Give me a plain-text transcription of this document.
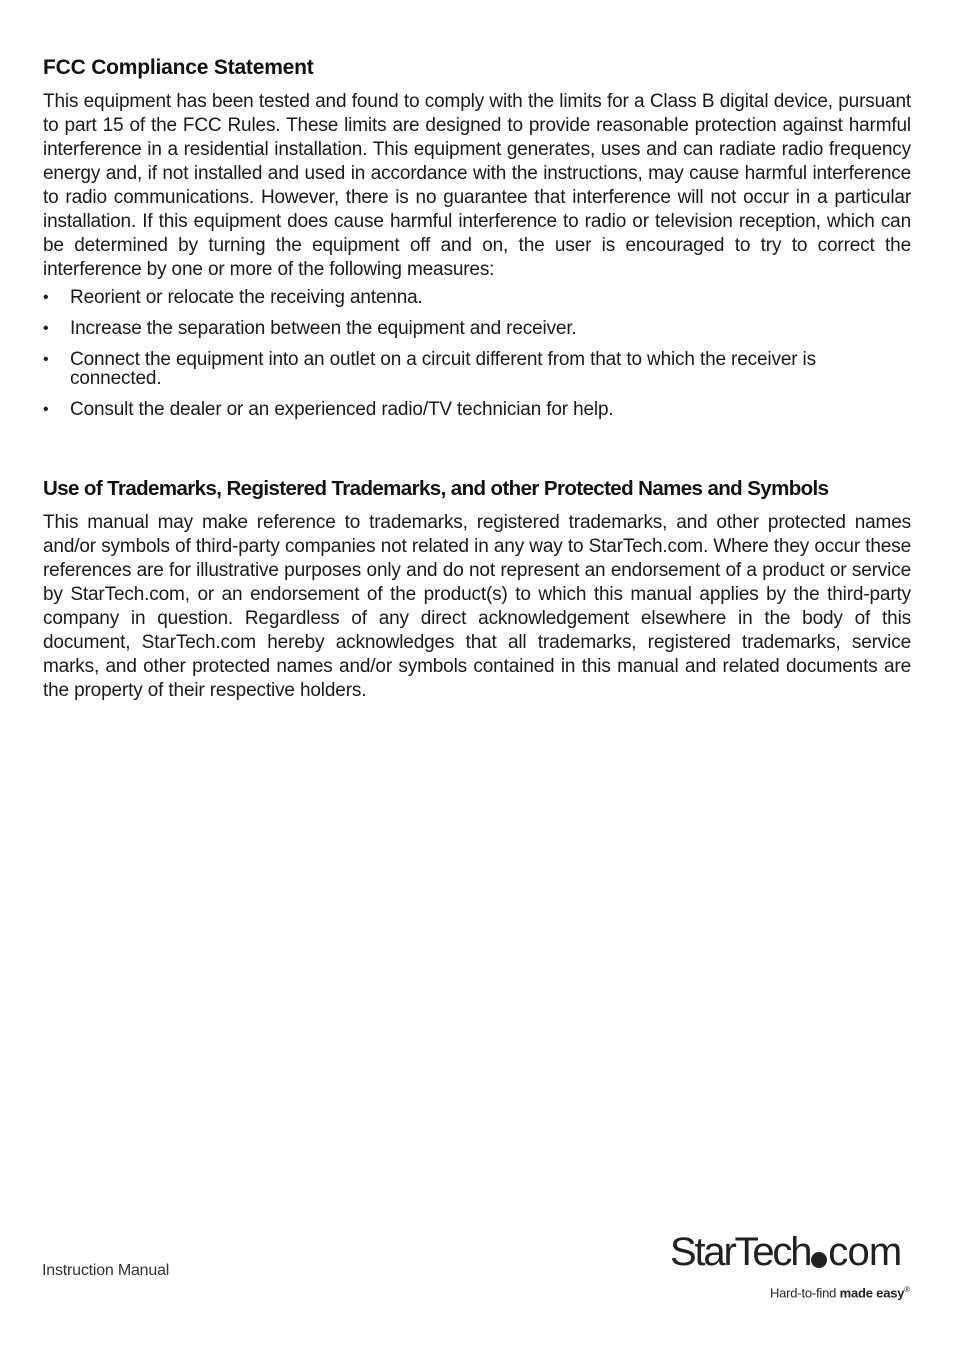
FCC Compliance Statement

This equipment has been tested and found to comply with the limits for a Class B digital device, pursuant to part 15 of the FCC Rules. These limits are designed to provide reasonable protection against harmful interference in a residential installation. This equipment generates, uses and can radiate radio frequency energy and, if not installed and used in accordance with the instructions, may cause harmful interference to radio communications. However, there is no guarantee that interference will not occur in a particular installation. If this equipment does cause harmful interference to radio or television reception, which can be determined by turning the equipment off and on, the user is encouraged to try to correct the interference by one or more of the following measures:

• Reorient or relocate the receiving antenna.
• Increase the separation between the equipment and receiver.
• Connect the equipment into an outlet on a circuit different from that to which the receiver is connected.
• Consult the dealer or an experienced radio/TV technician for help.
Use of Trademarks, Registered Trademarks, and other Protected Names and Symbols

This manual may make reference to trademarks, registered trademarks, and other protected names and/or symbols of third-party companies not related in any way to StarTech.com. Where they occur these references are for illustrative purposes only and do not represent an endorsement of a product or service by StarTech.com, or an endorsement of the product(s) to which this manual applies by the third-party company in question. Regardless of any direct acknowledgement elsewhere in the body of this document, StarTech.com hereby acknowledges that all trademarks, registered trademarks, service marks, and other protected names and/or symbols contained in this manual and related documents are the property of their respective holders.

Instruction Manual	StarTech com
Hard-to-find made easy®
